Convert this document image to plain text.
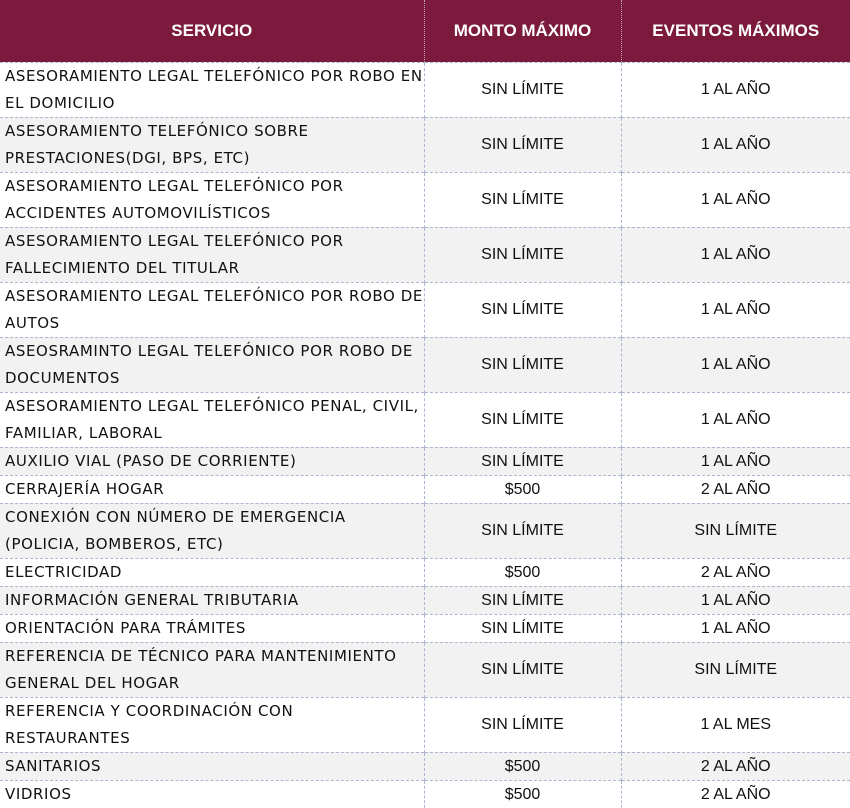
SERVICIO	MONTO MÁXIMO	EVENTOS MÁXIMOS
ASESORAMIENTO LEGAL TELEFÓNICO POR ROBO EN EL DOMICILIO	SIN LÍMITE	1 AL AÑO
ASESORAMIENTO TELEFÓNICO SOBRE PRESTACIONES(DGI, BPS, ETC)	SIN LÍMITE	1 AL AÑO
ASESORAMIENTO LEGAL TELEFÓNICO POR ACCIDENTES AUTOMOVILÍSTICOS	SIN LÍMITE	1 AL AÑO
ASESORAMIENTO LEGAL TELEFÓNICO POR FALLECIMIENTO DEL TITULAR	SIN LÍMITE	1 AL AÑO
ASESORAMIENTO LEGAL TELEFÓNICO POR ROBO DE AUTOS	SIN LÍMITE	1 AL AÑO
ASEOSRAMINTO LEGAL TELEFÓNICO POR ROBO DE DOCUMENTOS	SIN LÍMITE	1 AL AÑO
ASESORAMIENTO LEGAL TELEFÓNICO PENAL, CIVIL, FAMILIAR, LABORAL	SIN LÍMITE	1 AL AÑO
AUXILIO VIAL (PASO DE CORRIENTE)	SIN LÍMITE	1 AL AÑO
CERRAJERÍA HOGAR	$500	2 AL AÑO
CONEXIÓN CON NÚMERO DE EMERGENCIA (POLICIA, BOMBEROS, ETC)	SIN LÍMITE	SIN LÍMITE
ELECTRICIDAD	$500	2 AL AÑO
INFORMACIÓN GENERAL TRIBUTARIA	SIN LÍMITE	1 AL AÑO
ORIENTACIÓN PARA TRÁMITES	SIN LÍMITE	1 AL AÑO
REFERENCIA DE TÉCNICO PARA MANTENIMIENTO GENERAL DEL HOGAR	SIN LÍMITE	SIN LÍMITE
REFERENCIA Y COORDINACIÓN CON RESTAURANTES	SIN LÍMITE	1 AL MES
SANITARIOS	$500	2 AL AÑO
VIDRIOS	$500	2 AL AÑO
